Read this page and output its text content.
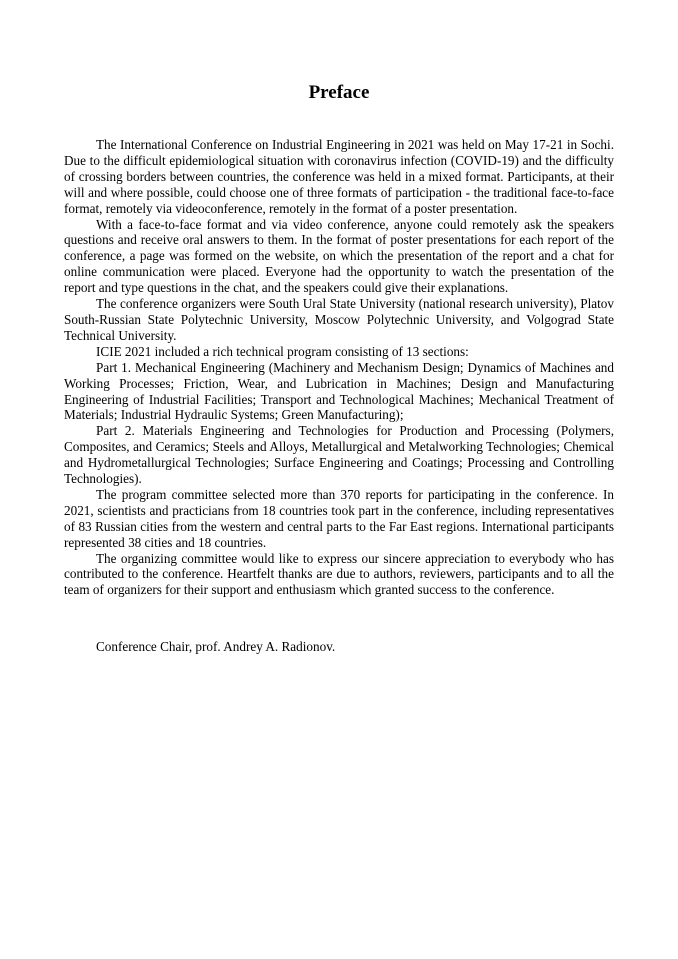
Preface

The International Conference on Industrial Engineering in 2021 was held on May 17-21 in Sochi. Due to the difficult epidemiological situation with coronavirus infection (COVID-19) and the difficulty of crossing borders between countries, the conference was held in a mixed format. Participants, at their will and where possible, could choose one of three formats of participation - the traditional face-to-face format, remotely via videoconference, remotely in the format of a poster presentation.

With a face-to-face format and via video conference, anyone could remotely ask the speakers questions and receive oral answers to them. In the format of poster presentations for each report of the conference, a page was formed on the website, on which the presentation of the report and a chat for online communication were placed. Everyone had the opportunity to watch the presentation of the report and type questions in the chat, and the speakers could give their explanations.

The conference organizers were South Ural State University (national research university), Platov South-Russian State Polytechnic University, Moscow Polytechnic University, and Volgograd State Technical University.

ICIE 2021 included a rich technical program consisting of 13 sections:

Part 1. Mechanical Engineering (Machinery and Mechanism Design; Dynamics of Machines and Working Processes; Friction, Wear, and Lubrication in Machines; Design and Manufacturing Engineering of Industrial Facilities; Transport and Technological Machines; Mechanical Treatment of Materials; Industrial Hydraulic Systems; Green Manufacturing);

Part 2. Materials Engineering and Technologies for Production and Processing (Polymers, Composites, and Ceramics; Steels and Alloys, Metallurgical and Metalworking Technologies; Chemical and Hydrometallurgical Technologies; Surface Engineering and Coatings; Processing and Controlling Technologies).

The program committee selected more than 370 reports for participating in the conference. In 2021, scientists and practicians from 18 countries took part in the conference, including representatives of 83 Russian cities from the western and central parts to the Far East regions. International participants represented 38 cities and 18 countries.

The organizing committee would like to express our sincere appreciation to everybody who has contributed to the conference. Heartfelt thanks are due to authors, reviewers, participants and to all the team of organizers for their support and enthusiasm which granted success to the conference.

Conference Chair, prof. Andrey A. Radionov.
